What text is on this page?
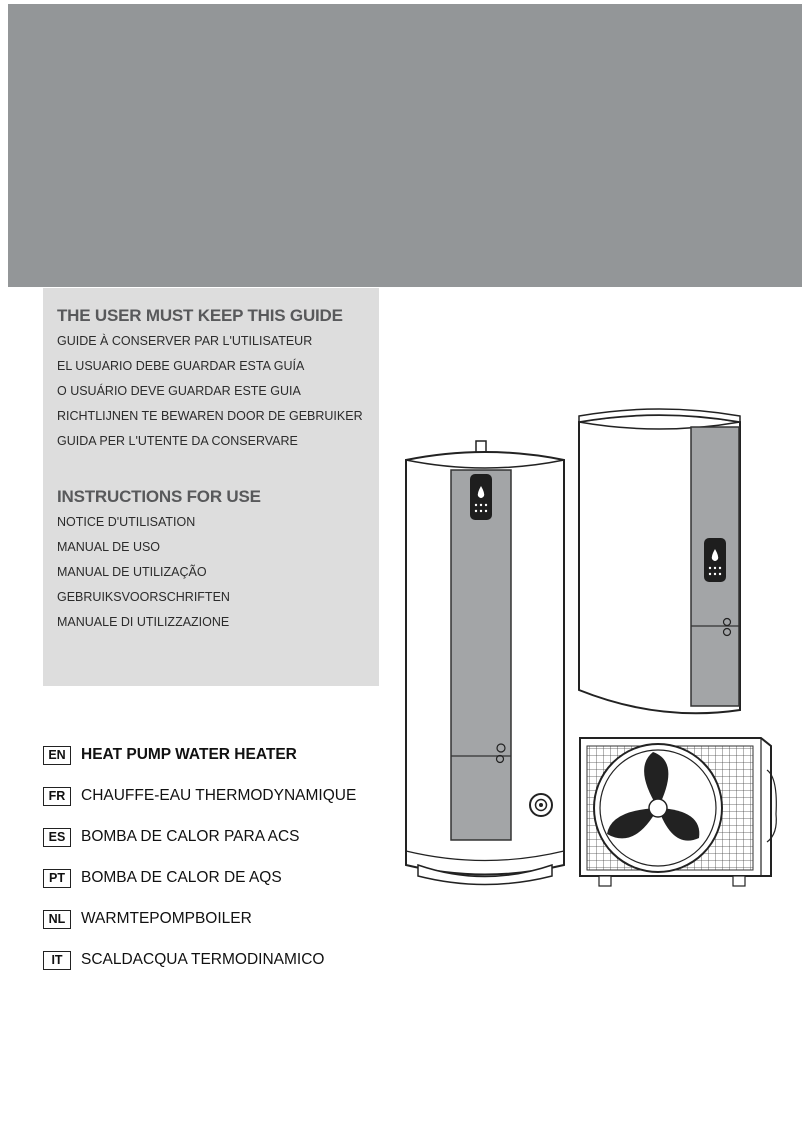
THE USER MUST KEEP THIS GUIDE

GUIDE À CONSERVER PAR L'UTILISATEUR

EL USUARIO DEBE GUARDAR ESTA GUÍA

O USUÁRIO DEVE GUARDAR ESTE GUIA

RICHTLIJNEN TE BEWAREN DOOR DE GEBRUIKER

GUIDA PER L'UTENTE DA CONSERVARE

INSTRUCTIONS FOR USE

NOTICE D'UTILISATION

MANUAL DE USO

MANUAL DE UTILIZAÇÃO

GEBRUIKSVOORSCHRIFTEN

MANUALE DI UTILIZZAZIONE

EN HEAT PUMP WATER HEATER
FR	CHAUFFE-EAU THERMODYNAMIQUE
ES	BOMBA DE CALOR PARA ACS
PT	BOMBA DE CALOR DE AQS
NL	WARMTEPOMPBOILER
IT	SCALDACQUA TERMODINAMICO
